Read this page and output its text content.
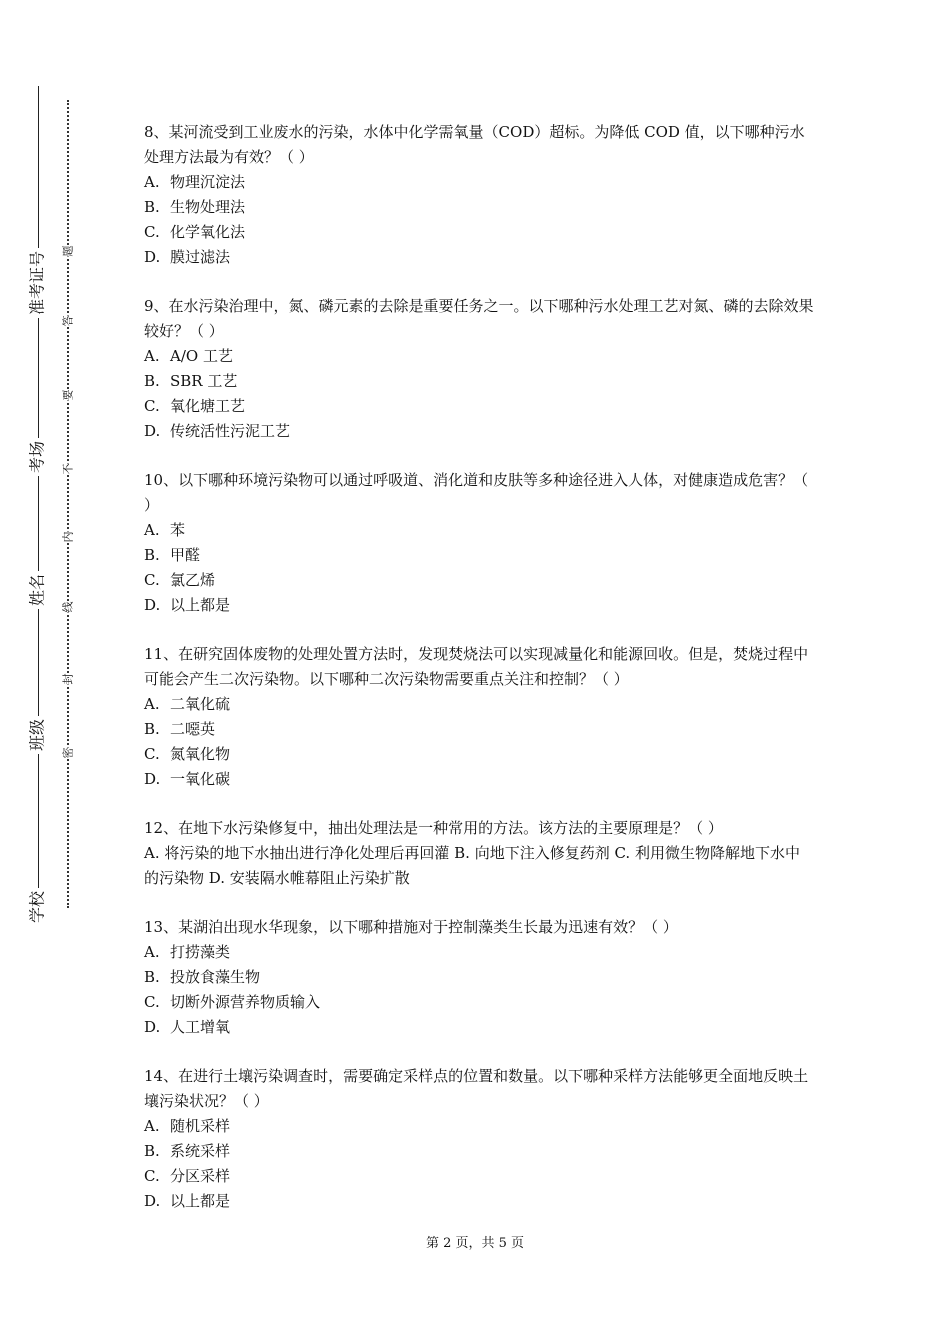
学校
班级
姓名
考场
准考证号
密
封
线
内
不
要
答
题

8、某河流受到工业废水的污染，水体中化学需氧量（COD）超标。为降低 COD 值，以下哪种污水处理方法最为有效？（ ）

A. 物理沉淀法
B. 生物处理法
C. 化学氧化法
D. 膜过滤法

9、在水污染治理中，氮、磷元素的去除是重要任务之一。以下哪种污水处理工艺对氮、磷的去除效果较好？（ ）

A. A/O 工艺
B. SBR 工艺
C. 氧化塘工艺
D. 传统活性污泥工艺

10、以下哪种环境污染物可以通过呼吸道、消化道和皮肤等多种途径进入人体，对健康造成危害？（ ）

A. 苯
B. 甲醛
C. 氯乙烯
D. 以上都是

11、在研究固体废物的处理处置方法时，发现焚烧法可以实现减量化和能源回收。但是，焚烧过程中可能会产生二次污染物。以下哪种二次污染物需要重点关注和控制？（ ）

A. 二氧化硫
B. 二噁英
C. 氮氧化物
D. 一氧化碳

12、在地下水污染修复中，抽出处理法是一种常用的方法。该方法的主要原理是？（ ）

A. 将污染的地下水抽出进行净化处理后再回灌 B. 向地下注入修复药剂 C. 利用微生物降解地下水中的污染物 D. 安装隔水帷幕阻止污染扩散

13、某湖泊出现水华现象，以下哪种措施对于控制藻类生长最为迅速有效？（ ）

A. 打捞藻类
B. 投放食藻生物
C. 切断外源营养物质输入
D. 人工增氧

14、在进行土壤污染调查时，需要确定采样点的位置和数量。以下哪种采样方法能够更全面地反映土壤污染状况？（ ）

A. 随机采样
B. 系统采样
C. 分区采样
D. 以上都是
第 2 页，共 5 页
